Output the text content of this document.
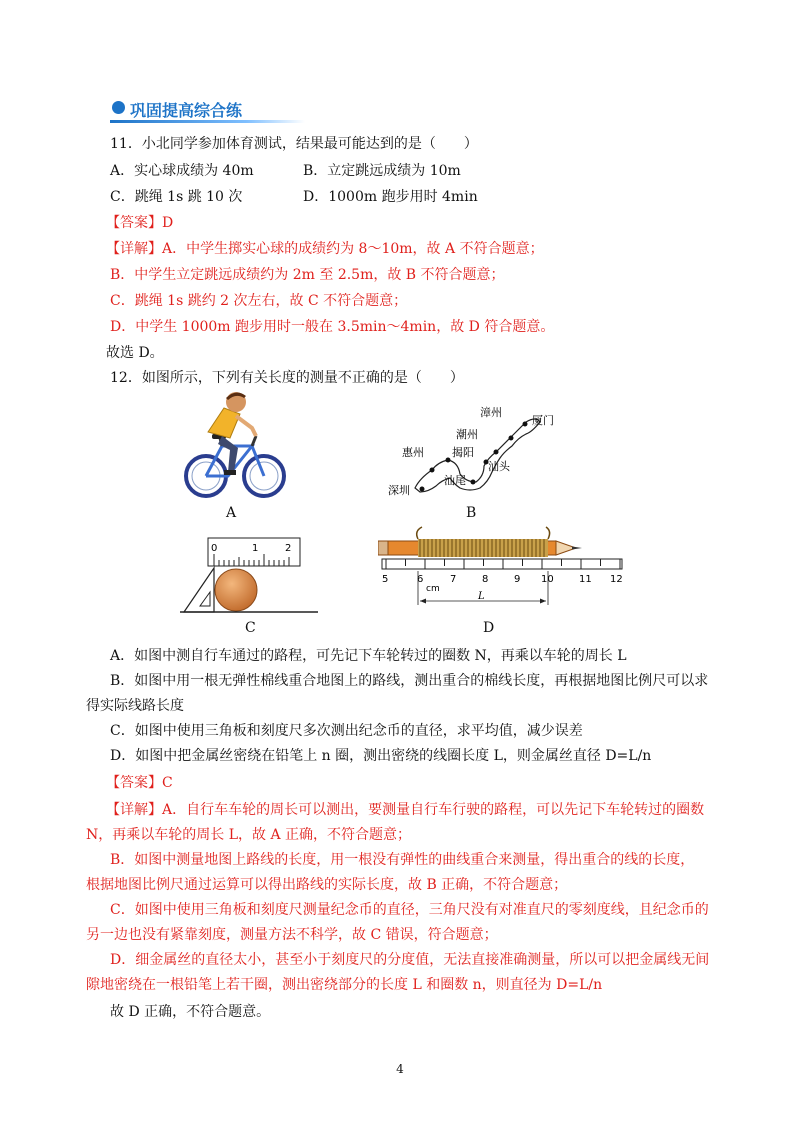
巩固提高综合练
11．小北同学参加体育测试，结果最可能达到的是（　　）
A．实心球成绩为 40m	B．立定跳远成绩为 10m
C．跳绳 1s 跳 10 次	D．1000m 跑步用时 4min
【答案】D
【详解】A．中学生掷实心球的成绩约为 8～10m，故 A 不符合题意；
B．中学生立定跳远成绩约为 2m 至 2.5m，故 B 不符合题意；
C．跳绳 1s 跳约 2 次左右，故 C 不符合题意；
D．中学生 1000m 跑步用时一般在 3.5min～4min，故 D 符合题意。
故选 D。
12．如图所示，下列有关长度的测量不正确的是（　　）
A
漳州
厦门
潮州
揭阳
惠州
汕头
汕尾
深圳
B
0	1	2
C
5	6	7	8	9 10	11 12
cm
L
D
A．如图中测自行车通过的路程，可先记下车轮转过的圈数 N，再乘以车轮的周长 L
B．如图中用一根无弹性棉线重合地图上的路线，测出重合的棉线长度，再根据地图比例尺可以求
得实际线路长度
C．如图中使用三角板和刻度尺多次测出纪念币的直径，求平均值，减少误差
D．如图中把金属丝密绕在铅笔上 n 圈，测出密绕的线圈长度 L，则金属丝直径 D=L/n
【答案】C
【详解】A．自行车车轮的周长可以测出，要测量自行车行驶的路程，可以先记下车轮转过的圈数
N，再乘以车轮的周长 L，故 A 正确，不符合题意；
B．如图中测量地图上路线的长度，用一根没有弹性的曲线重合来测量，得出重合的线的长度，
根据地图比例尺通过运算可以得出路线的实际长度，故 B 正确，不符合题意；
C．如图中使用三角板和刻度尺测量纪念币的直径，三角尺没有对准直尺的零刻度线，且纪念币的
另一边也没有紧靠刻度，测量方法不科学，故 C 错误，符合题意；
D．细金属丝的直径太小，甚至小于刻度尺的分度值，无法直接准确测量，所以可以把金属线无间
隙地密绕在一根铅笔上若干圈，测出密绕部分的长度 L 和圈数 n，则直径为 D=L/n
故 D 正确，不符合题意。
4
